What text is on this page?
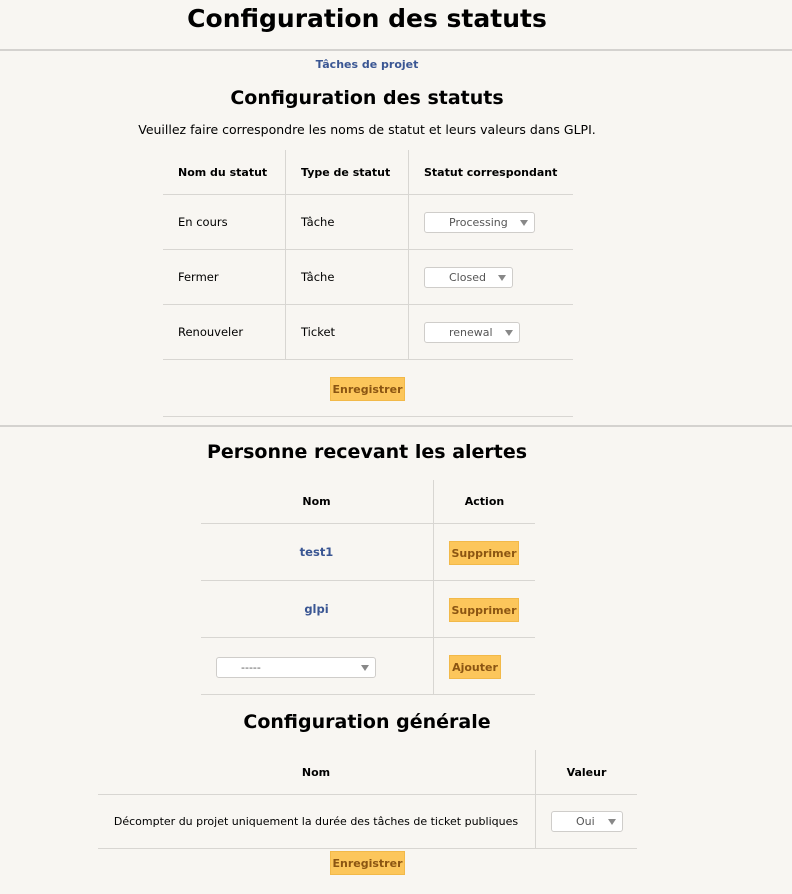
Configuration des statuts
Tâches de projet
Configuration des statuts
Veuillez faire correspondre les noms de statut et leurs valeurs dans GLPI.
Nom du statut	Type de statut	Statut correspondant
En cours	Tâche	Processing
Fermer	Tâche	Closed
Renouveler	Ticket	renewal
Enregistrer
Personne recevant les alertes
Nom	Action
test1	Supprimer
glpi	Supprimer
-----	Ajouter
Configuration générale
Nom	Valeur
Décompter du projet uniquement la durée des tâches de ticket publiques	Oui
Enregistrer
